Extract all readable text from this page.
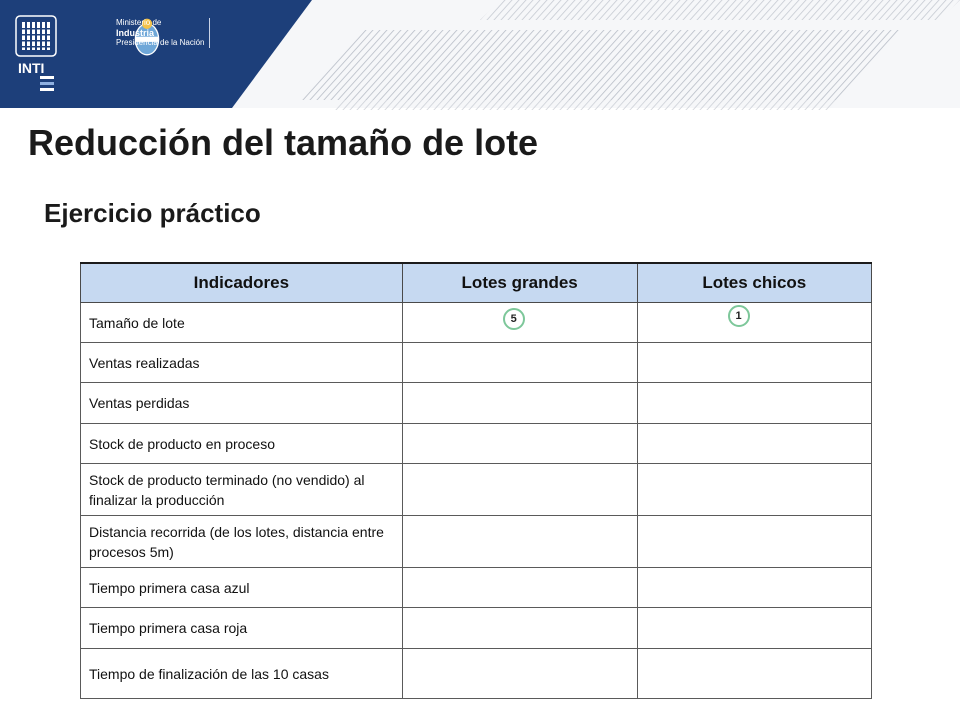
INTI
Ministerio de
Industria
Presidencia de la Nación
Reducción del tamaño de lote
Ejercicio práctico
Indicadores	Lotes grandes	Lotes chicos
Tamaño de lote	5	1

Ventas realizadas		
Ventas perdidas		
Stock de producto en proceso		
Stock de producto terminado (no vendido) al finalizar la producción		
Distancia recorrida (de los lotes, distancia entre procesos 5m)		
Tiempo primera casa azul		
Tiempo primera casa roja		
Tiempo de finalización de las 10 casas		
